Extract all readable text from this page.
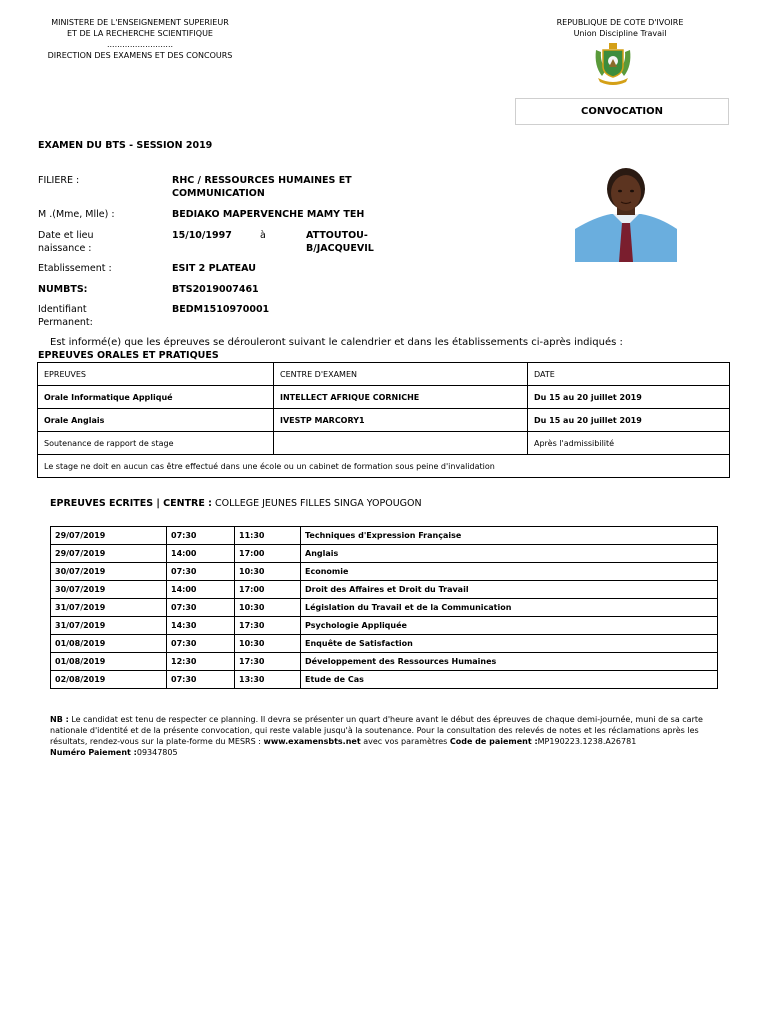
MINISTERE DE L'ENSEIGNEMENT SUPERIEUR
ET DE LA RECHERCHE SCIENTIFIQUE
..........................
DIRECTION DES EXAMENS ET DES CONCOURS
REPUBLIQUE DE COTE D'IVOIRE
Union Discipline Travail
CONVOCATION
EXAMEN DU BTS - SESSION 2019
FILIERE :	RHC / RESSOURCES HUMAINES ET
COMMUNICATION
M .(Mme, Mlle) :	BEDIAKO MAPERVENCHE MAMY TEH
Date et lieu
naissance :
15/10/1997	à	ATTOUTOU-
B/JACQUEVIL
Etablissement :	ESIT 2 PLATEAU
NUMBTS:	BTS2019007461
Identifiant
Permanent:
BEDM1510970001
Est informé(e) que les épreuves se dérouleront suivant le calendrier et dans les établissements ci-après indiqués :
EPREUVES ORALES ET PRATIQUES
EPREUVES	CENTRE D'EXAMEN	DATE
Orale Informatique Appliqué	INTELLECT AFRIQUE CORNICHE	Du 15 au 20 juillet 2019
Orale Anglais	IVESTP MARCORY1	Du 15 au 20 juillet 2019
Soutenance de rapport de stage		Après l'admissibilité
Le stage ne doit en aucun cas être effectué dans une école ou un cabinet de formation sous peine d'invalidation		
EPREUVES ECRITES | CENTRE : COLLEGE JEUNES FILLES SINGA YOPOUGON
29/07/2019	07:30	11:30	Techniques d'Expression Française
29/07/2019	14:00	17:00	Anglais
30/07/2019	07:30	10:30	Economie
30/07/2019	14:00	17:00	Droit des Affaires et Droit du Travail
31/07/2019	07:30	10:30	Législation du Travail et de la Communication
31/07/2019	14:30	17:30	Psychologie Appliquée
01/08/2019	07:30	10:30	Enquête de Satisfaction
01/08/2019	12:30	17:30	Développement des Ressources Humaines
02/08/2019	07:30	13:30	Etude de Cas
NB : Le candidat est tenu de respecter ce planning. Il devra se présenter un quart d'heure avant le début des épreuves de chaque demi-journée, muni de sa carte nationale d'identité et de la présente convocation, qui reste valable jusqu'à la soutenance. Pour la consultation des relevés de notes et les réclamations après les résultats, rendez-vous sur la plate-forme du MESRS : www.examensbts.net avec vos paramètres Code de paiement :MP190223.1238.A26781
Numéro Paiement :09347805
